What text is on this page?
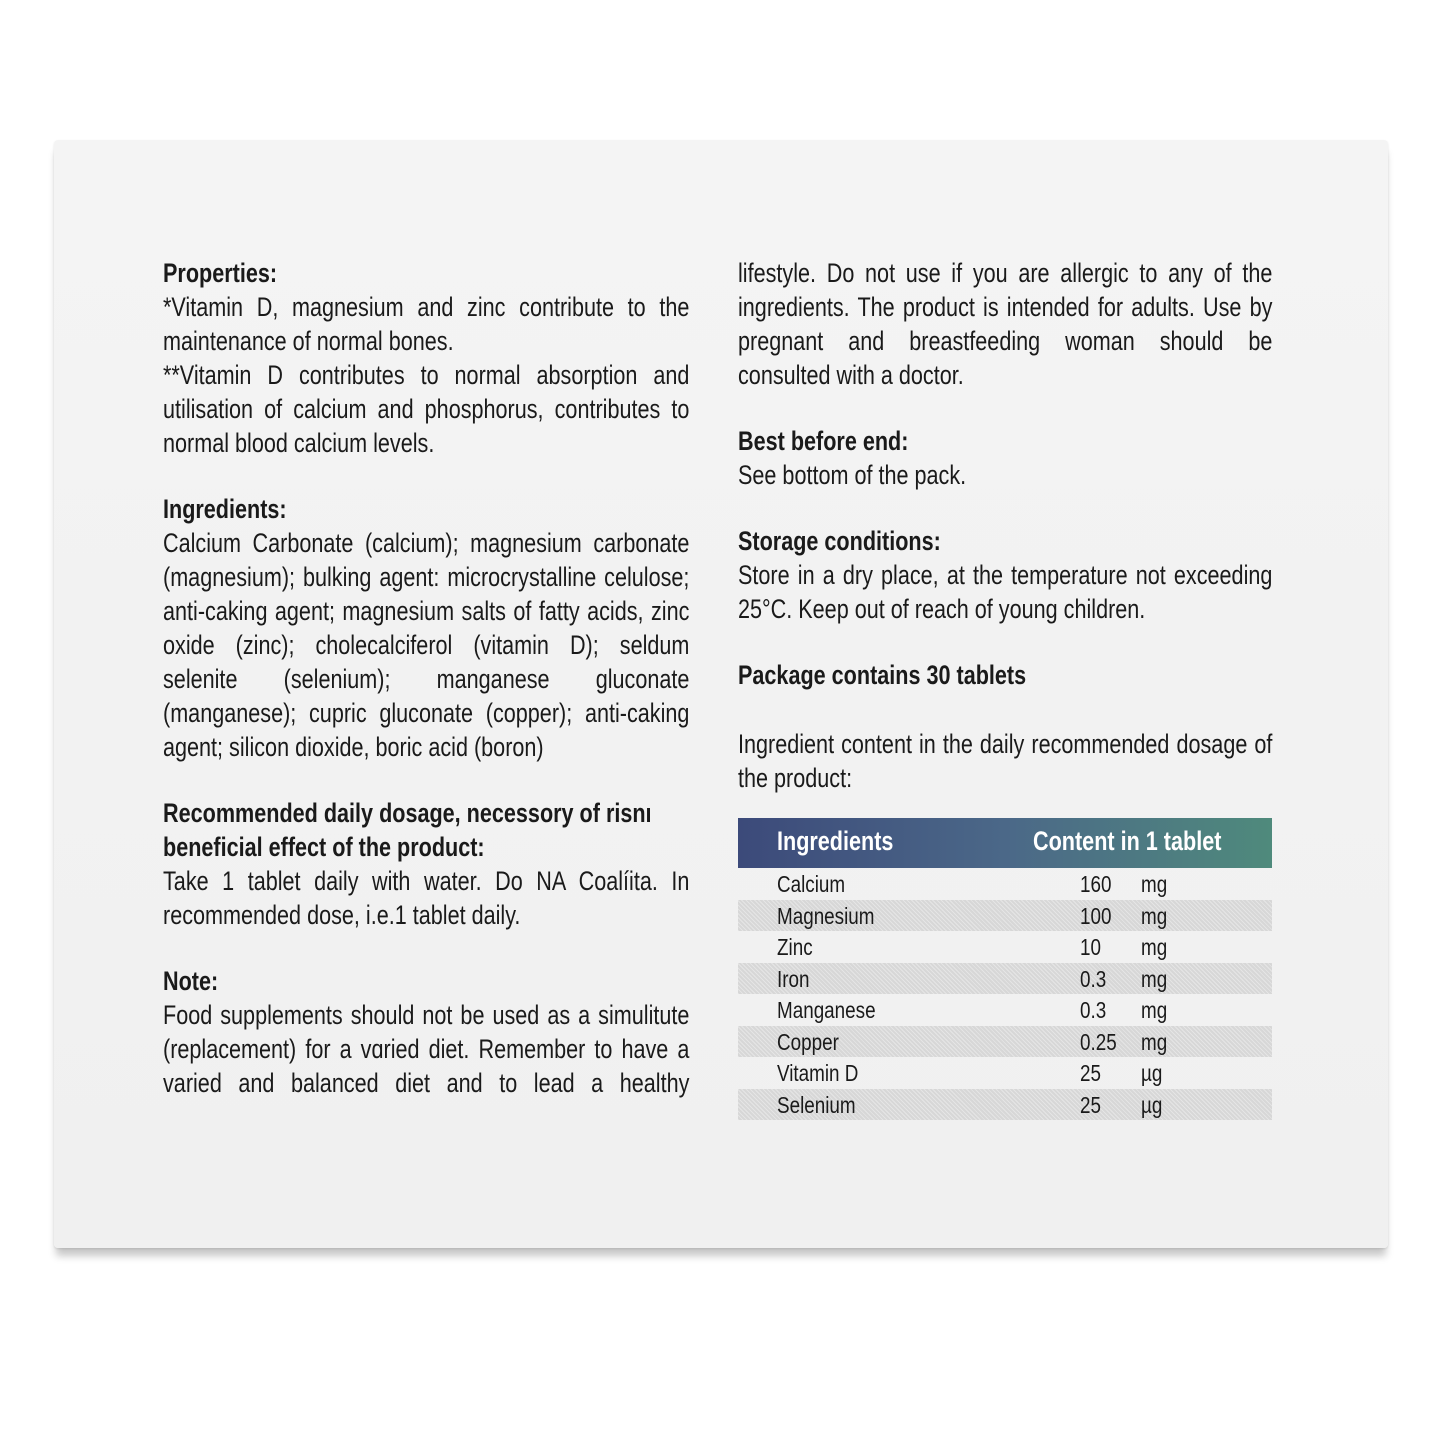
Properties:

*Vitamin D, magnesium and zinc contribute to the maintenance of normal bones.

**Vitamin D contributes to normal absorption and utilisation of calcium and phosphorus, contributes to normal blood calcium levels.

Ingredients:

Calcium Carbonate (calcium); magnesium carbonate (magnesium); bulking agent: microcrystalline celulose; anti-caking agent; magnesium salts of fatty acids, zinc oxide (zinc); cholecalciferol (vitamin D); seldum selenite (selenium); manganese gluconate (manganese); cupric gluconate (copper); anti-caking agent; silicon dioxide, boric acid (boron)

Recommended daily dosage, necessory of risnı beneficial effect of the product:

Take 1 tablet daily with water. Do NA Coalíita. In recommended dose, i.e.1 tablet daily.

Note:

Food supplements should not be used as a simulitute (replacement) for a vɑried diet. Remember to have a varied and balanced diet and to lead a healthy

lifestyle. Do not use if you are allergic to any of the ingredients. The product is intended for adults. Use by pregnant and breastfeeding woman should be consulted with a doctor.

Best before end:

See bottom of the pack.

Storage conditions:

Store in a dry place, at the temperature not exceeding 25°C. Keep out of reach of young children.

Package contains 30 tablets

Ingredient content in the daily recommended dosage of the product:

Ingredients	Content in 1 tablet
Calcium	160 mg
Magnesium	100 mg
Zinc	10 mg
Iron	0.3 mg
Manganese	0.3 mg
Copper	0.25 mg
Vitamin D	25 µg
Selenium	25 µg
